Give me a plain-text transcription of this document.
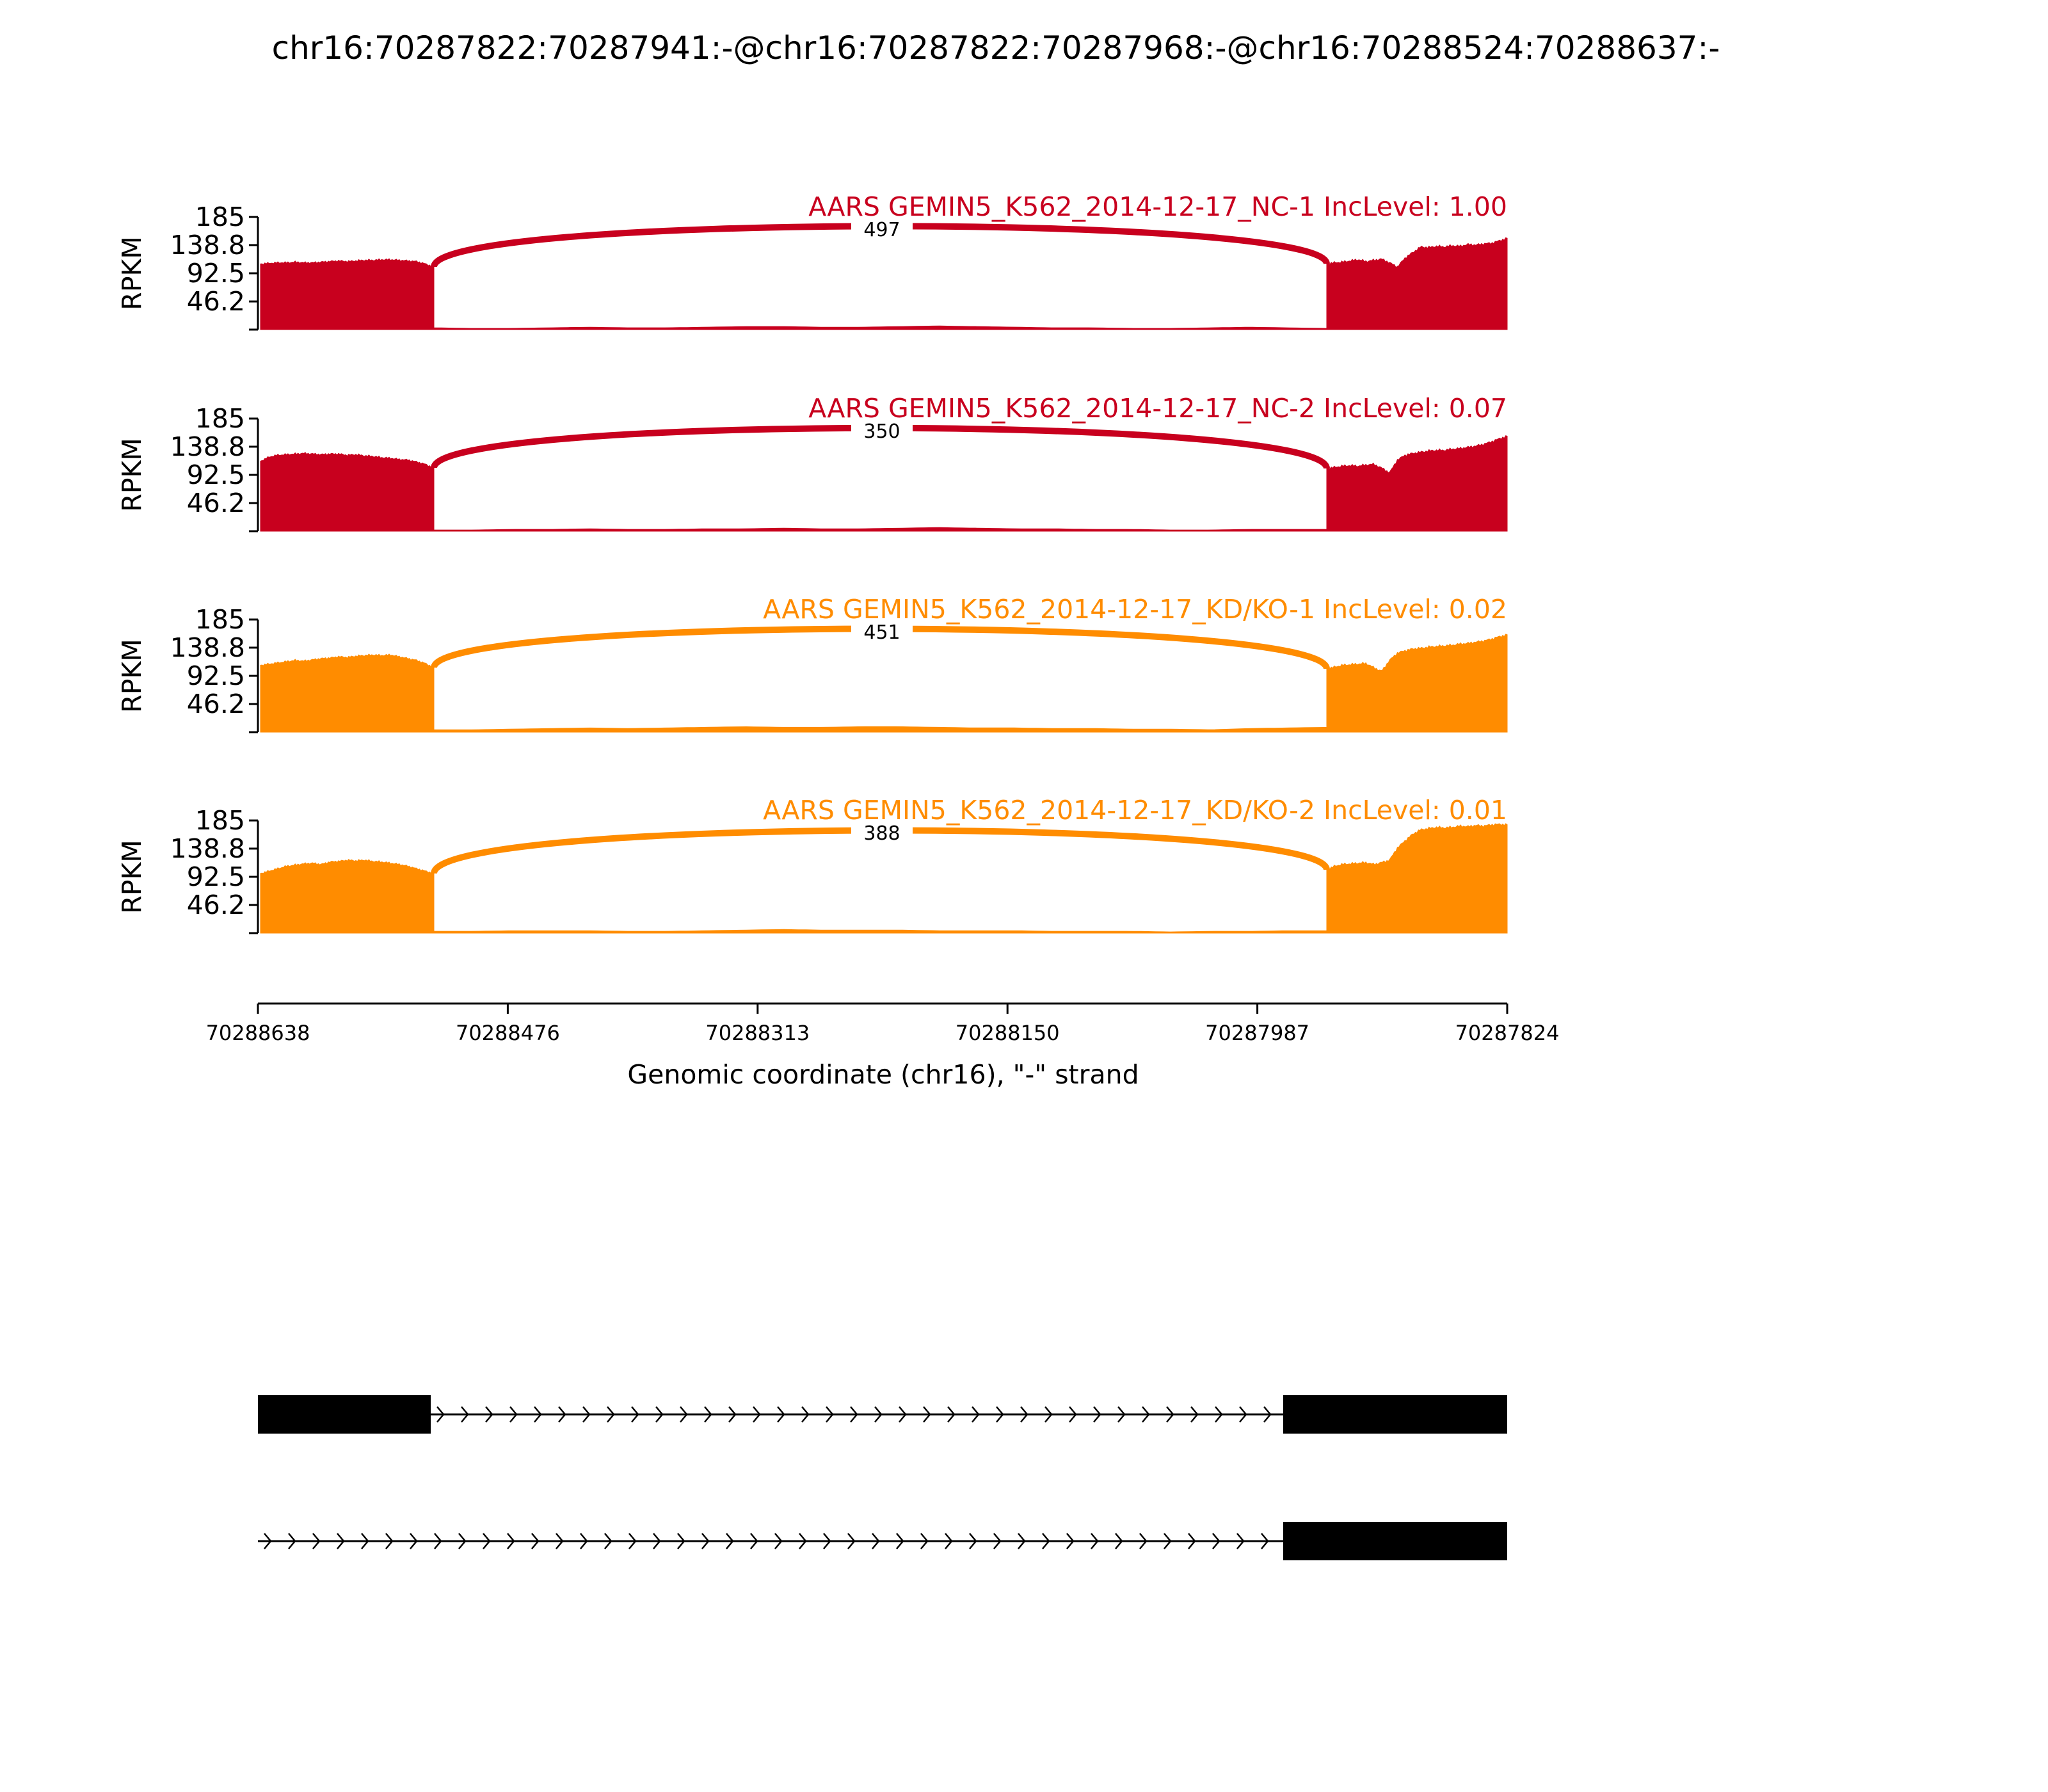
chr16:70287822:70287941:-@chr16:70287822:70287968:-@chr16:70288524:70288637:-
497
AARS GEMIN5_K562_2014-12-17_NC-1 IncLevel: 1.00
185
138.8
92.5
46.2
RPKM
350
AARS GEMIN5_K562_2014-12-17_NC-2 IncLevel: 0.07
185
138.8
92.5
46.2
RPKM
451
AARS GEMIN5_K562_2014-12-17_KD/KO-1 IncLevel: 0.02
185
138.8
92.5
46.2
RPKM
388
AARS GEMIN5_K562_2014-12-17_KD/KO-2 IncLevel: 0.01
185
138.8
92.5
46.2
RPKM
70288638	70288476	70288313	70288150	70287987	70287824
Genomic coordinate (chr16), "-" strand
